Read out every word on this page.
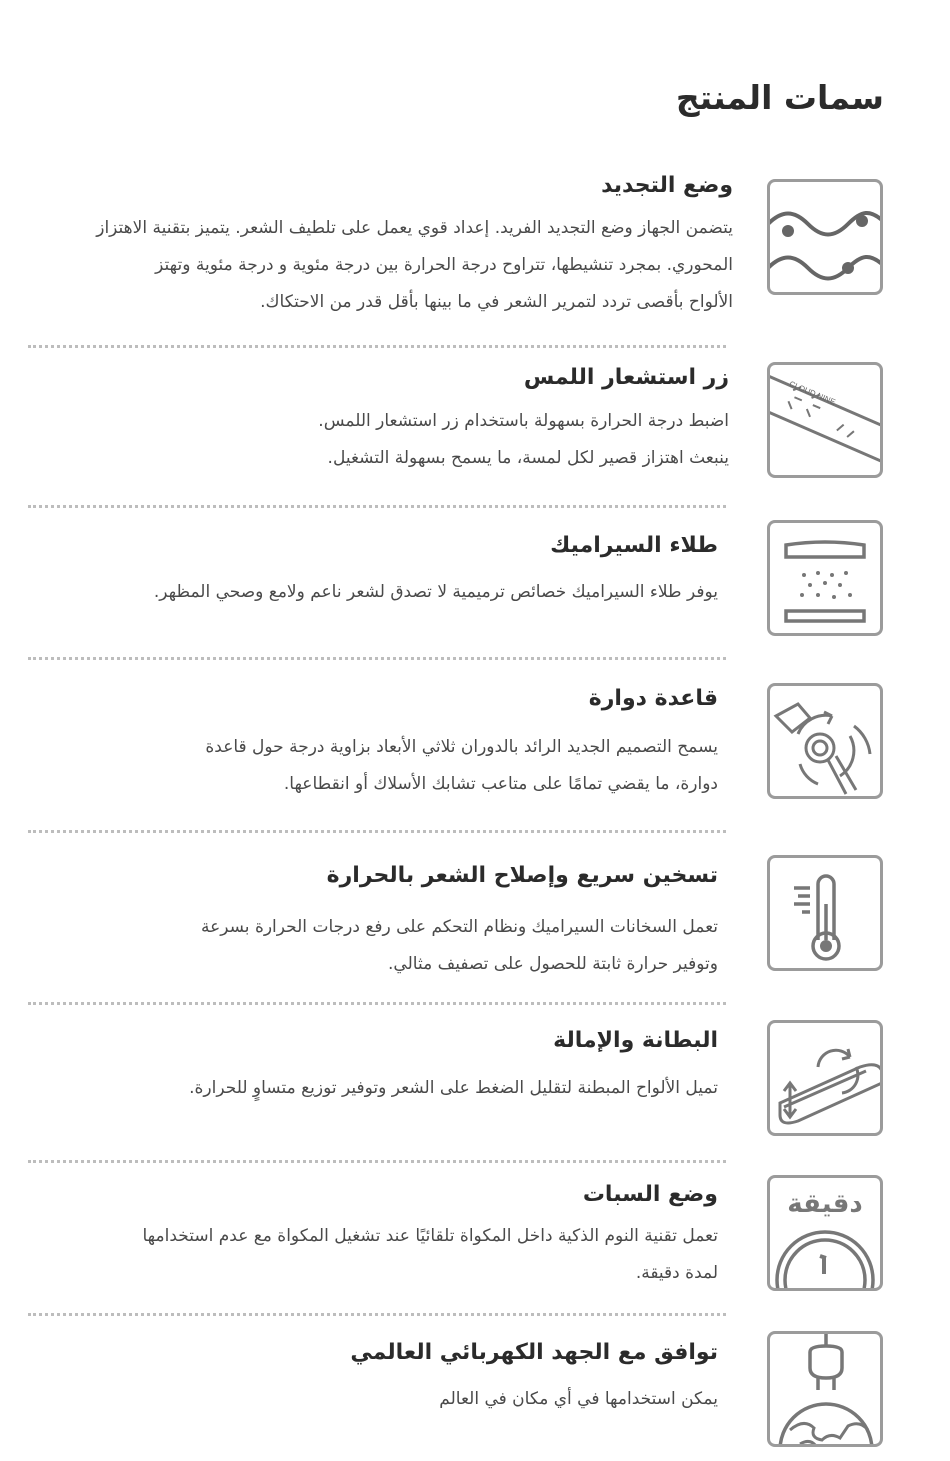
سمات المنتج
وضع التجديد

يتضمن الجهاز وضع التجديد الفريد. إعداد قوي يعمل على تلطيف الشعر. يتميز بتقنية الاهتزاز
المحوري. بمجرد تنشيطها، تتراوح درجة الحرارة بين درجة مئوية و درجة مئوية وتهتز
الألواح بأقصى تردد لتمرير الشعر في ما بينها بأقل قدر من الاحتكاك.

زر استشعار اللمس

اضبط درجة الحرارة بسهولة باستخدام زر استشعار اللمس.
ينبعث اهتزاز قصير لكل لمسة، ما يسمح بسهولة التشغيل.

CLOUD NINE
طلاء السيراميك

يوفر طلاء السيراميك خصائص ترميمية لا تصدق لشعر ناعم ولامع وصحي المظهر.

قاعدة دوارة

يسمح التصميم الجديد الرائد بالدوران ثلاثي الأبعاد بزاوية درجة حول قاعدة
دوارة، ما يقضي تمامًا على متاعب تشابك الأسلاك أو انقطاعها.

تسخين سريع وإصلاح الشعر بالحرارة

تعمل السخانات السيراميك ونظام التحكم على رفع درجات الحرارة بسرعة
وتوفير حرارة ثابتة للحصول على تصفيف مثالي.

البطانة والإمالة

تميل الألواح المبطنة لتقليل الضغط على الشعر وتوفير توزيع متساوٍ للحرارة.

وضع السبات

تعمل تقنية النوم الذكية داخل المكواة تلقائيًا عند تشغيل المكواة مع عدم استخدامها
لمدة دقيقة.

دقيقة
توافق مع الجهد الكهربائي العالمي

يمكن استخدامها في أي مكان في العالم
